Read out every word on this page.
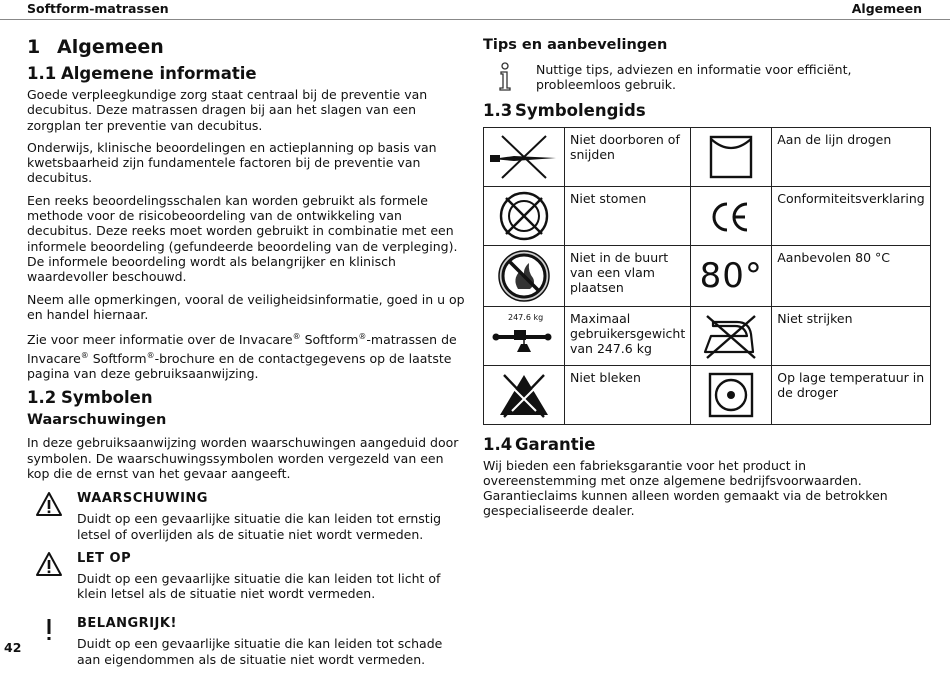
Softform-matrassen	Algemeen
1 Algemeen
1.1 Algemene informatie

Goede verpleegkundige zorg staat centraal bij de preventie van decubitus. Deze matrassen dragen bij aan het slagen van een zorgplan ter preventie van decubitus.

Onderwijs, klinische beoordelingen en actieplanning op basis van kwetsbaarheid zijn fundamentele factoren bij de preventie van decubitus.

Een reeks beoordelingsschalen kan worden gebruikt als formele methode voor de risicobeoordeling van de ontwikkeling van decubitus. Deze reeks moet worden gebruikt in combinatie met een informele beoordeling (gefundeerde beoordeling van de verpleging). De informele beoordeling wordt als belangrijker en klinisch waardevoller beschouwd.

Neem alle opmerkingen, vooral de veiligheidsinformatie, goed in u op en handel hiernaar.

Zie voor meer informatie over de Invacare® Softform®-matrassen de Invacare® Softform®-brochure en de contactgegevens op de laatste pagina van deze gebruiksaanwijzing.

1.2 Symbolen
Waarschuwingen

In deze gebruiksaanwijzing worden waarschuwingen aangeduid door symbolen. De waarschuwingssymbolen worden vergezeld van een kop die de ernst van het gevaar aangeeft.

WAARSCHUWING

Duidt op een gevaarlijke situatie die kan leiden tot ernstig letsel of overlijden als de situatie niet wordt vermeden.

LET OP

Duidt op een gevaarlijke situatie die kan leiden tot licht of klein letsel als de situatie niet wordt vermeden.

BELANGRIJK!

Duidt op een gevaarlijke situatie die kan leiden tot schade aan eigendommen als de situatie niet wordt vermeden.

Tips en aanbevelingen

Nuttige tips, adviezen en informatie voor efficiënt, probleemloos gebruik.

1.3 Symbolengids
	Niet doorboren of snijden		Aan de lijn drogen

	Niet stomen		Conformiteitsverklaring

	Niet in de buurt van een vlam plaatsen	80°	Aanbevolen 80 °C

247.6 kg	Maximaal gebruikersgewicht van 247.6 kg		Niet strijken

	Niet bleken		Op lage temperatuur in de droger
1.4 Garantie

Wij bieden een fabrieksgarantie voor het product in overeenstemming met onze algemene bedrijfsvoorwaarden. Garantieclaims kunnen alleen worden gemaakt via de betrokken gespecialiseerde dealer.

42
